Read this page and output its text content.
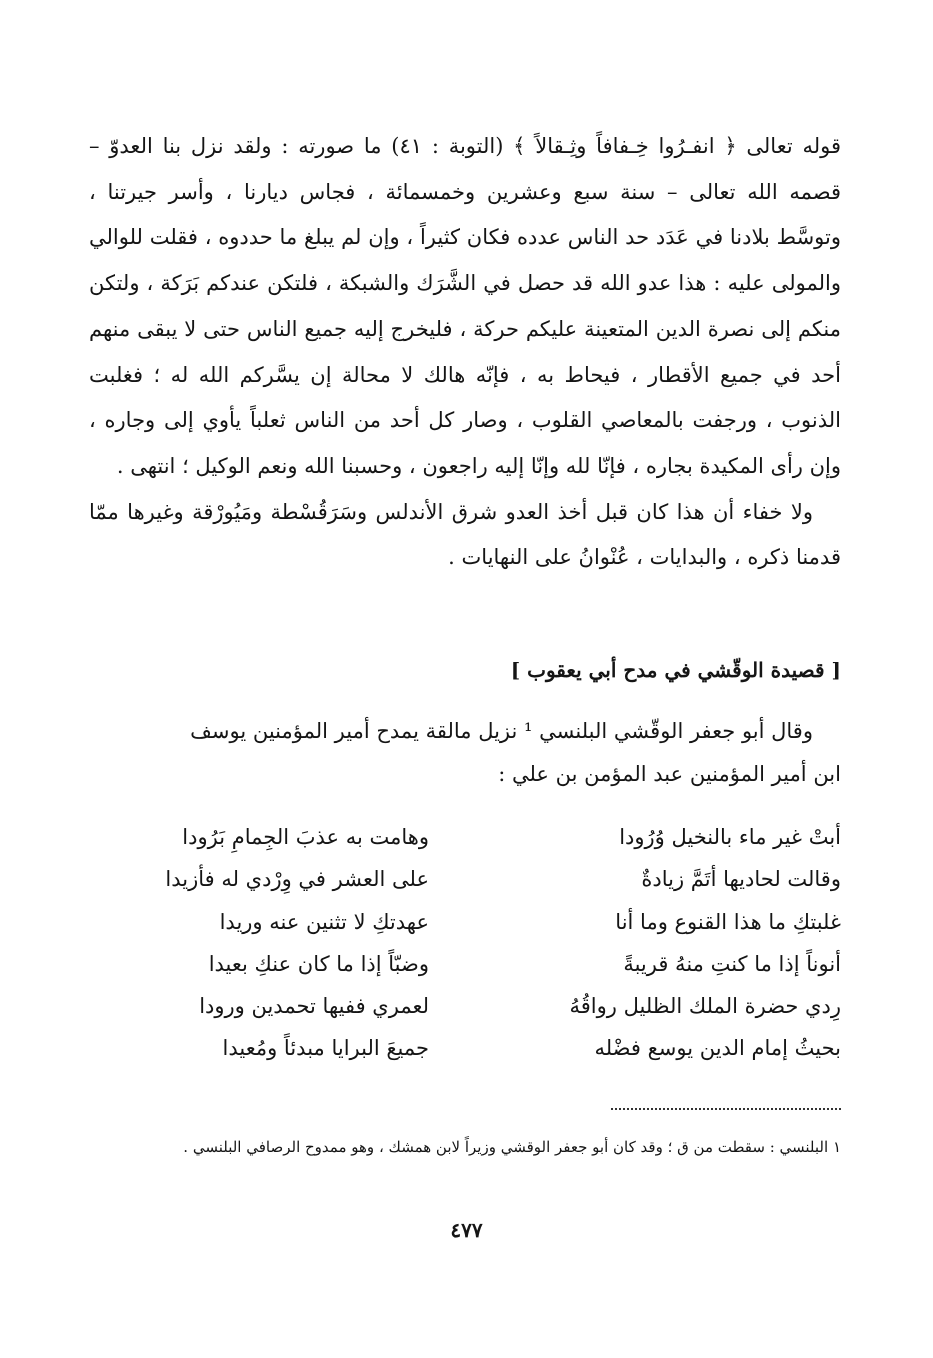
قوله تعالى ﴿ انفـرُوا خِـفافاً وثِـقالاً ﴾ (التوبة : ٤١) ما صورته : ولقد نزل بنا العدوّ – قصمه الله تعالى – سنة سبع وعشرين وخمسمائة ، فجاس ديارنا ، وأسر جيرتنا ، وتوسَّط بلادنا في عَدَد حد الناس عدده فكان كثيراً ، وإن لم يبلغ ما حددوه ، فقلت للوالي والمولى عليه : هذا عدو الله قد حصل في الشَّرَك والشبكة ، فلتكن عندكم بَرَكة ، ولتكن منكم إلى نصرة الدين المتعينة عليكم حركة ، فليخرج إليه جميع الناس حتى لا يبقى منهم أحد في جميع الأقطار ، فيحاط به ، فإنّه هالك لا محالة إن يسَّركم الله له ؛ فغلبت الذنوب ، ورجفت بالمعاصي القلوب ، وصار كل أحد من الناس ثعلباً يأوي إلى وجاره ، وإن رأى المكيدة بجاره ، فإنّا لله وإنّا إليه راجعون ، وحسبنا الله ونعم الوكيل ؛ انتهى .

ولا خفاء أن هذا كان قبل أخذ العدو شرق الأندلس وسَرَقُسْطة ومَيُورْقة وغيرها ممّا قدمنا ذكره ، والبدايات ، عُنْوانُ على النهايات .

[ قصيدة الوقّشي في مدح أبي يعقوب ]

وقال أبو جعفر الوقّشي البلنسي ¹ نزيل مالقة يمدح أمير المؤمنين يوسف

ابن أمير المؤمنين عبد المؤمن بن علي :

أبتْ غير ماء بالنخيل وُرُودا
وهامت به عذبَ الجِمامِ بَرُودا
وقالت لحاديها أتَمَّ زيادةٌ
على العشر في وِرْدي له فأزيدا
غلبتكِ ما هذا القنوع وما أنا
عهدتكِ لا تثنين عنه وريدا
أنوناً إذا ما كنتِ منهُ قريبةً
وضبّاً إذا ما كان عنكِ بعيدا
رِدي حضرة الملك الظليل رواقُهُ
لعمري ففيها تحمدين ورودا
بحيثُ إمام الدين يوسع فضْله
جميعَ البرايا مبدئاً ومُعيدا

١ البلنسي : سقطت من ق ؛ وقد كان أبو جعفر الوقشي وزيراً لابن همشك ، وهو ممدوح الرصافي البلنسي .

٤٧٧
